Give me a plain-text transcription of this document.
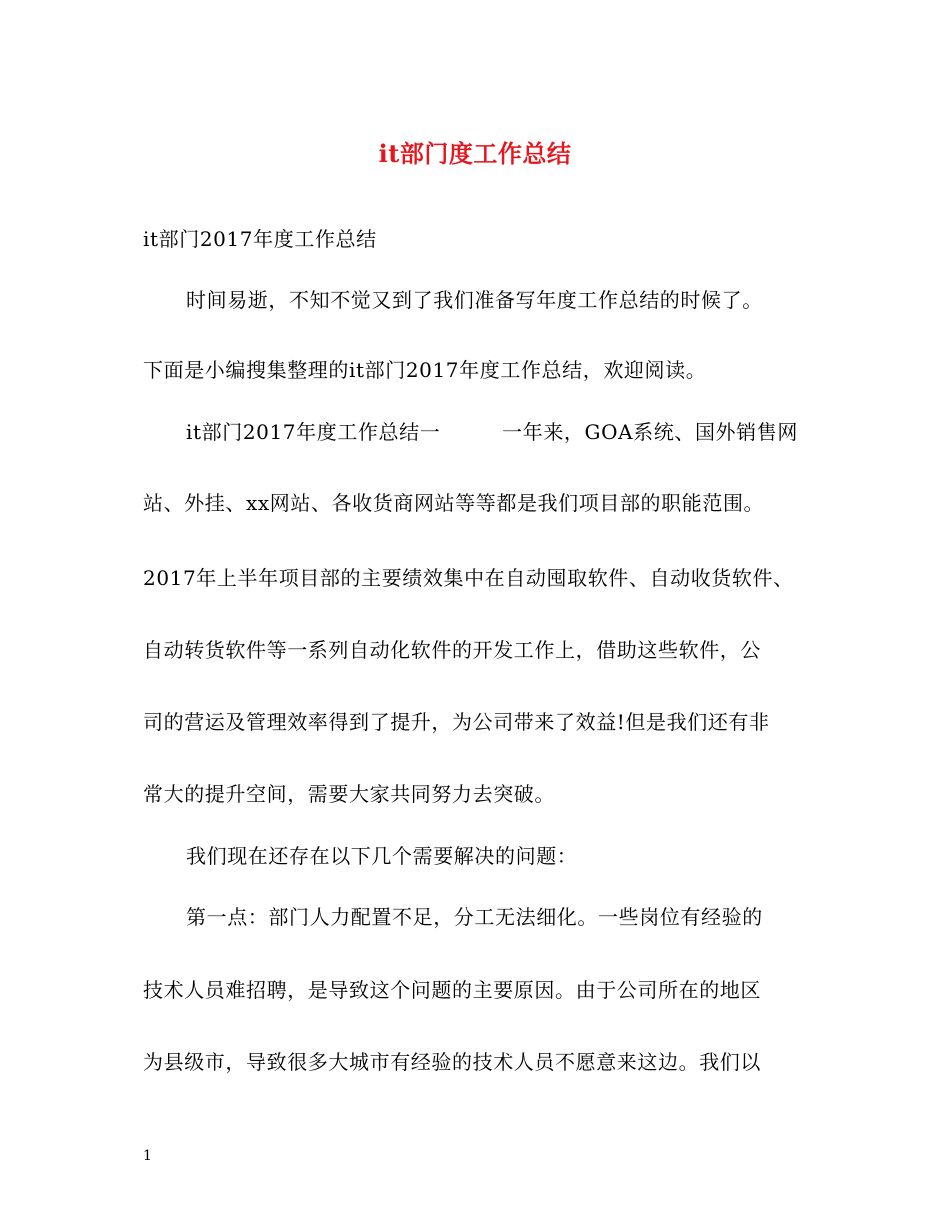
it部门度工作总结
it部门2017年度工作总结
时间易逝，不知不觉又到了我们准备写年度工作总结的时候了。
下面是小编搜集整理的it部门2017年度工作总结，欢迎阅读。
it部门2017年度工作总结一　　　一年来，GOA系统、国外销售网
站、外挂、xx网站、各收货商网站等等都是我们项目部的职能范围。
2017年上半年项目部的主要绩效集中在自动囤取软件、自动收货软件、
自动转货软件等一系列自动化软件的开发工作上，借助这些软件，公
司的营运及管理效率得到了提升，为公司带来了效益!但是我们还有非
常大的提升空间，需要大家共同努力去突破。
我们现在还存在以下几个需要解决的问题：
第一点：部门人力配置不足，分工无法细化。一些岗位有经验的
技术人员难招聘，是导致这个问题的主要原因。由于公司所在的地区
为县级市，导致很多大城市有经验的技术人员不愿意来这边。我们以
1
